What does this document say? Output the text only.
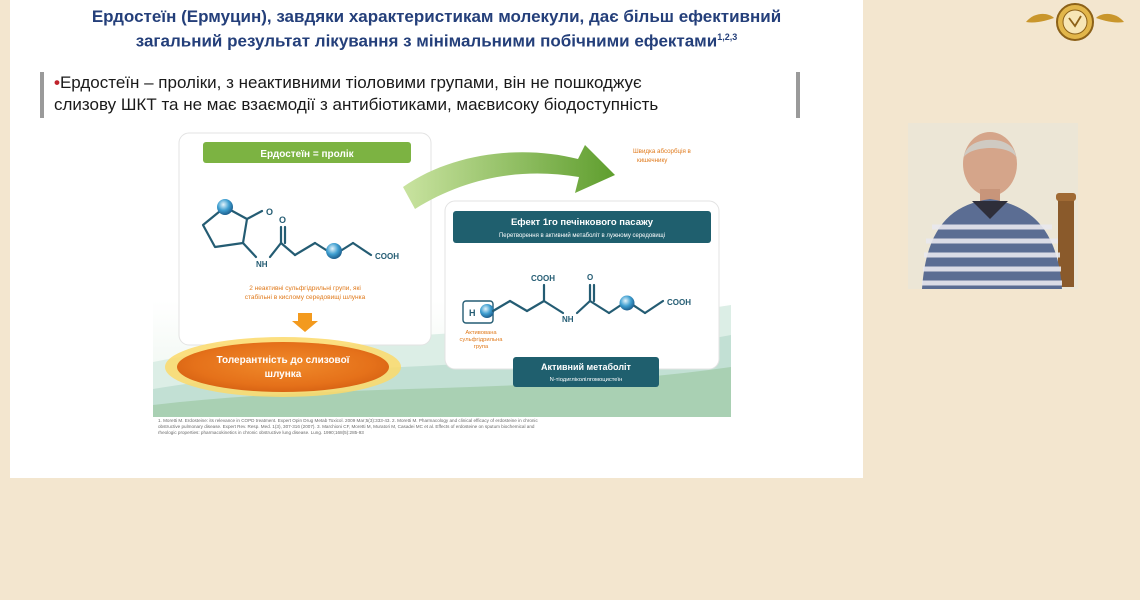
Ердостеїн (Ермуцин), завдяки характеристикам молекули, дає більш ефективний
загальний результат лікування з мінімальними побічними ефектами$^{1,2,3}$
•Ердостеїн – проліки, з неактивними тіоловими групами, він не пошкоджує
слизову ШКТ та не має взаємодії з антибіотиками, маєвисоку біодоступність
Ердостеїн = пролік
O
O
NH
COOH
2 неактивні сульфгідрильні групи, які
стабільні в кислому середовищі шлунка
Толерантність до слизової
шлунка
Швидка абсорбція в
кишечнику
Ефект 1го печінкового пасажу
Перетворення в активний метаболіт в лужному середовищі
H
COOH	O
NH
COOH
Активована
сульфгідрильна
група
Активний метаболіт
N-тіодигліколілгомоцистеїн
1. Moretti M. Erdosteine: its relevance in COPD treatment. Expert Opin Drug Metab Toxicol. 2009 Mar;5(3):333-43. 2. Moretti M. Pharmacology and clinical efficacy of erdosteine in chronic
obstructive pulmonary disease. Expert Rev. Resp. Med. 1(3), 307-316 (2007). 3. Marchioni CF, Moretti M, Muratori M, Casadei MC et al. Effects of erdosteine on sputum biochemical and
rheologic properties: pharmacokinetics in chronic obstructive lung disease. Lung. 1990;168(5):285-93
